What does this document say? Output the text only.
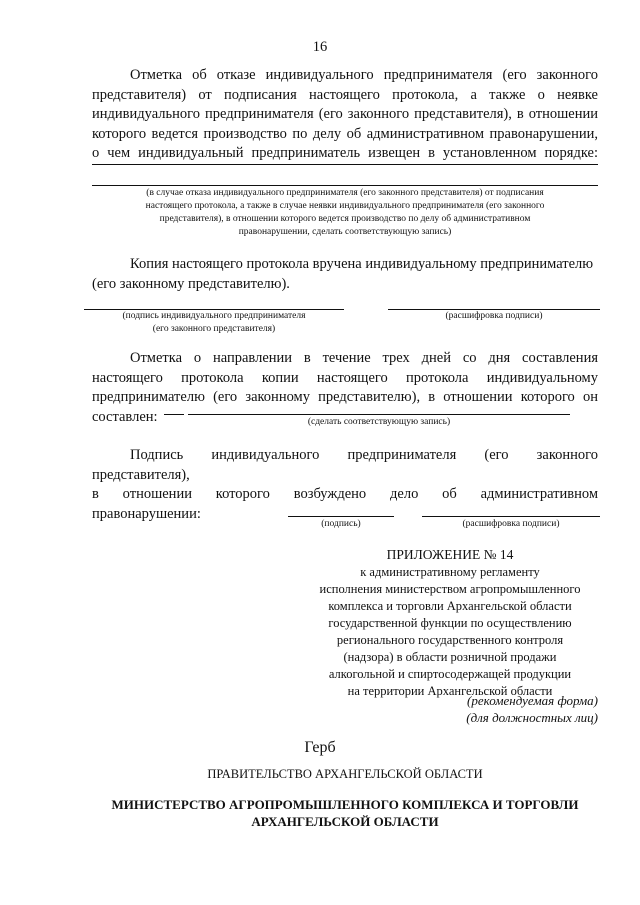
16
Отметка об отказе индивидуального предпринимателя (его законного
представителя) от подписания настоящего протокола, а также о неявке
индивидуального предпринимателя (его законного представителя), в отношении
которого ведется производство по делу об административном правонарушении,
о чем индивидуальный предприниматель извещен в установленном порядке:
(в случае отказа индивидуального предпринимателя (его законного представителя) от подписания
настоящего протокола, а также в случае неявки индивидуального предпринимателя (его законного
представителя), в отношении которого ведется производство по делу об административном
правонарушении, сделать соответствующую запись)
Копия настоящего протокола вручена индивидуальному предпринимателю
(его законному представителю).
(подпись индивидуального предпринимателя
(его законного представителя)
(расшифровка подписи)
Отметка о направлении в течение трех дней со дня составления
настоящего протокола копии настоящего протокола индивидуальному
предпринимателю (его законному представителю), в отношении которого он
составлен:	(сделать соответствующую запись)
Подпись индивидуального предпринимателя (его законного представителя),
в отношении которого возбуждено дело об административном
правонарушении:
(подпись)	(расшифровка подписи)
ПРИЛОЖЕНИЕ № 14
к административному регламенту
исполнения министерством агропромышленного
комплекса и торговли Архангельской области
государственной функции по осуществлению
регионального государственного контроля
(надзора) в области розничной продажи
алкогольной и спиртосодержащей продукции
на территории Архангельской области
(рекомендуемая форма)
(для должностных лиц)
Герб
ПРАВИТЕЛЬСТВО АРХАНГЕЛЬСКОЙ ОБЛАСТИ
МИНИСТЕРСТВО АГРОПРОМЫШЛЕННОГО КОМПЛЕКСА И ТОРГОВЛИ
АРХАНГЕЛЬСКОЙ ОБЛАСТИ
